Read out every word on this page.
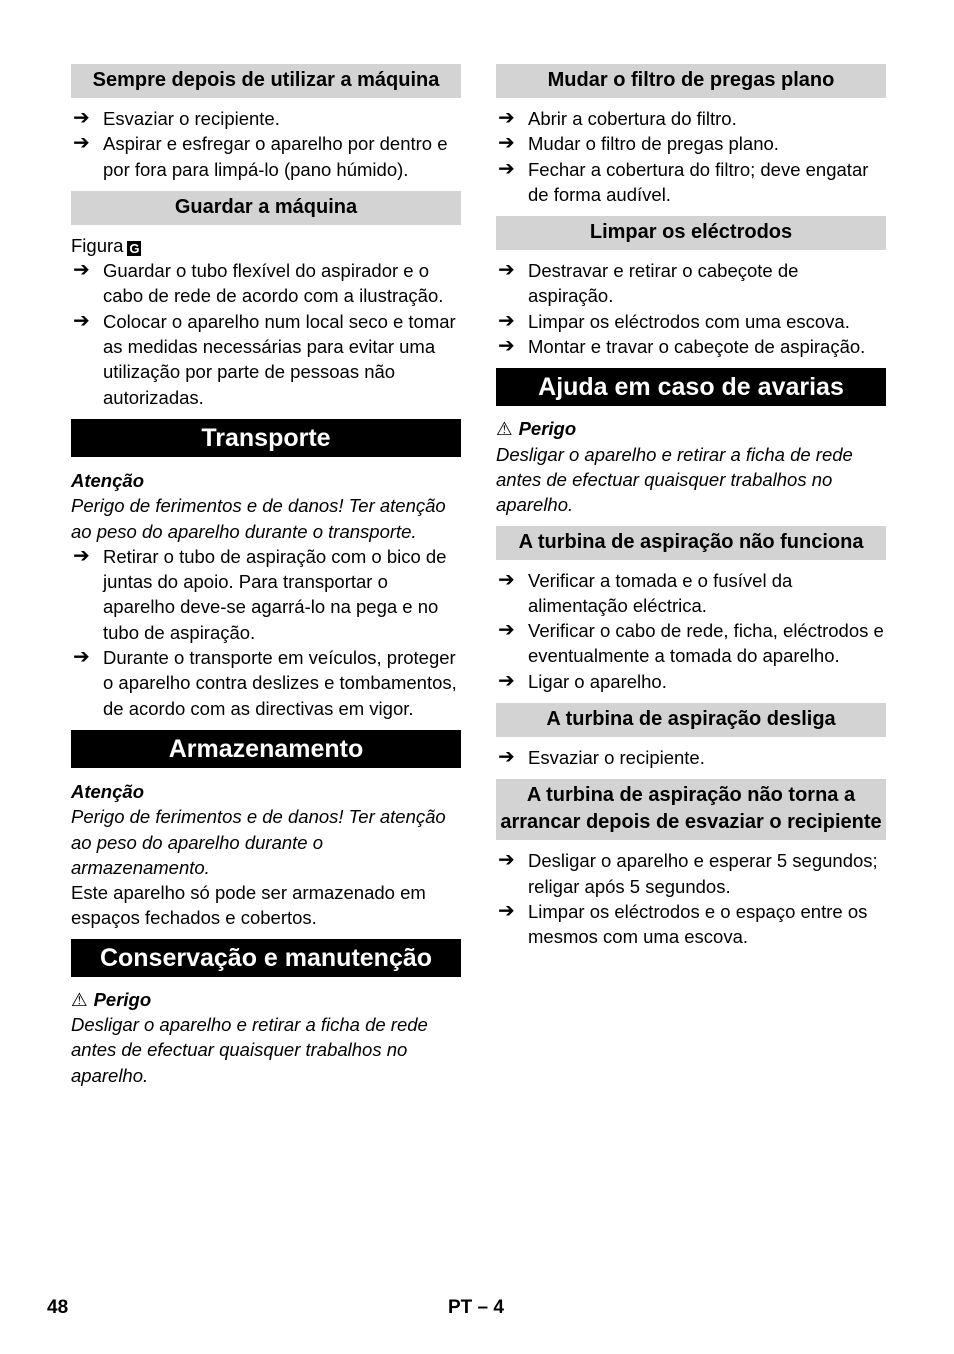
Sempre depois de utilizar a máquina
➔ Esvaziar o recipiente.
➔ Aspirar e esfregar o aparelho por dentro e por fora para limpá-lo (pano húmido).
Guardar a máquina

Figura G

➔ Guardar o tubo flexível do aspirador e o cabo de rede de acordo com a ilustração.
➔ Colocar o aparelho num local seco e tomar as medidas necessárias para evitar uma utilização por parte de pessoas não autorizadas.
Transporte

Atenção

Perigo de ferimentos e de danos! Ter atenção ao peso do aparelho durante o transporte.

➔ Retirar o tubo de aspiração com o bico de juntas do apoio. Para transportar o aparelho deve-se agarrá-lo na pega e no tubo de aspiração.
➔ Durante o transporte em veículos, proteger o aparelho contra deslizes e tombamentos, de acordo com as directivas em vigor.
Armazenamento

Atenção

Perigo de ferimentos e de danos! Ter atenção ao peso do aparelho durante o armazenamento.

Este aparelho só pode ser armazenado em espaços fechados e cobertos.

Conservação e manutenção

⚠ Perigo

Desligar o aparelho e retirar a ficha de rede antes de efectuar quaisquer trabalhos no aparelho.

Mudar o filtro de pregas plano
➔ Abrir a cobertura do filtro.
➔ Mudar o filtro de pregas plano.
➔ Fechar a cobertura do filtro; deve engatar de forma audível.
Limpar os eléctrodos
➔ Destravar e retirar o cabeçote de aspiração.
➔ Limpar os eléctrodos com uma escova.
➔ Montar e travar o cabeçote de aspiração.
Ajuda em caso de avarias

⚠ Perigo

Desligar o aparelho e retirar a ficha de rede antes de efectuar quaisquer trabalhos no aparelho.

A turbina de aspiração não funciona
➔ Verificar a tomada e o fusível da alimentação eléctrica.
➔ Verificar o cabo de rede, ficha, eléctrodos e eventualmente a tomada do aparelho.
➔ Ligar o aparelho.
A turbina de aspiração desliga
➔ Esvaziar o recipiente.
A turbina de aspiração não torna a arrancar depois de esvaziar o recipiente
➔ Desligar o aparelho e esperar 5 segundos; religar após 5 segundos.
➔ Limpar os eléctrodos e o espaço entre os mesmos com uma escova.
48	PT – 4
